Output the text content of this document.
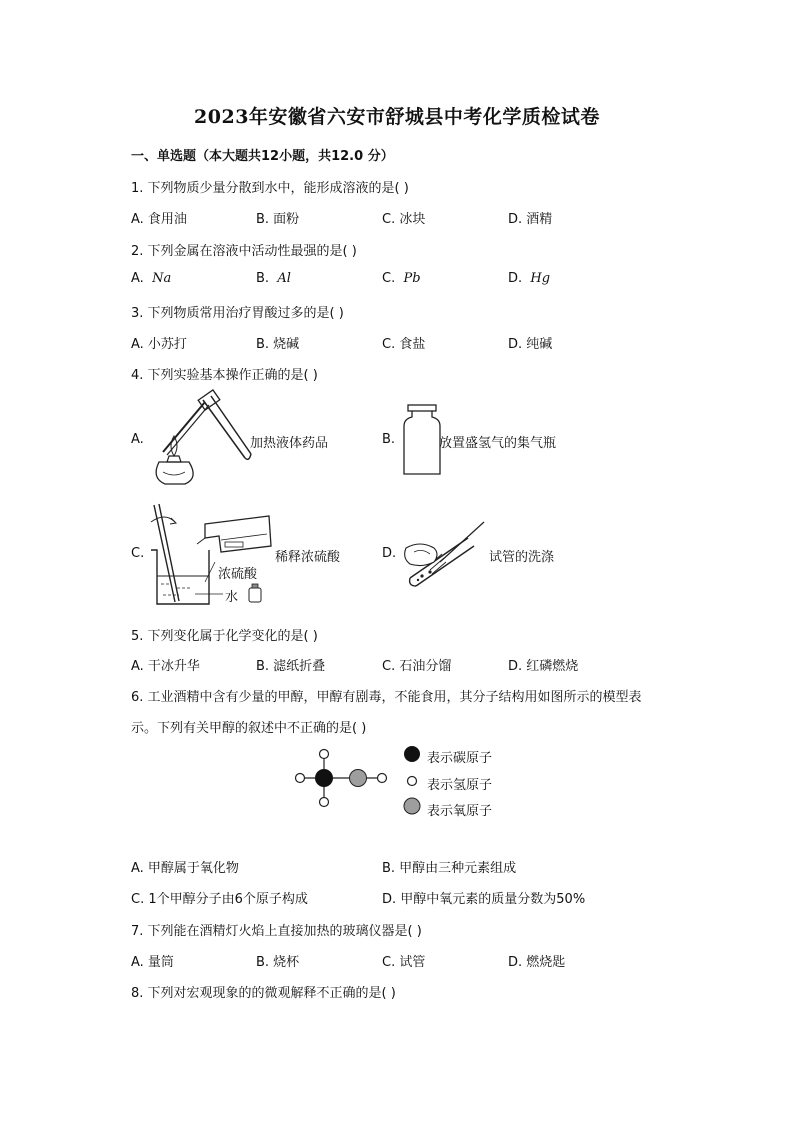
2023年安徽省六安市舒城县中考化学质检试卷
一、单选题（本大题共12小题，共12.0 分）
1. 下列物质少量分散到水中，能形成溶液的是( )
A. 食用油	B. 面粉	C. 冰块	D. 酒精
2. 下列金属在溶液中活动性最强的是( )
A. Na	B. Al	C. Pb	D. Hg
3. 下列物质常用治疗胃酸过多的是( )
A. 小苏打	B. 烧碱	C. 食盐	D. 纯碱
4. 下列实验基本操作正确的是( )
A.	加热液体药品	B.	放置盛氢气的集气瓶
C.	稀释浓硫酸
浓硫酸
水
D.	试管的洗涤
5. 下列变化属于化学变化的是( )
A. 干冰升华	B. 滤纸折叠	C. 石油分馏	D. 红磷燃烧
6. 工业酒精中含有少量的甲醇，甲醇有剧毒，不能食用，其分子结构用如图所示的模型表
示。下列有关甲醇的叙述中不正确的是( )
表示碳原子
表示氢原子
表示氧原子
A. 甲醇属于氧化物	B. 甲醇由三种元素组成
C. 1个甲醇分子由6个原子构成	D. 甲醇中氧元素的质量分数为50%
7. 下列能在酒精灯火焰上直接加热的玻璃仪器是( )
A. 量筒	B. 烧杯	C. 试管	D. 燃烧匙
8. 下列对宏观现象的的微观解释不正确的是( )
